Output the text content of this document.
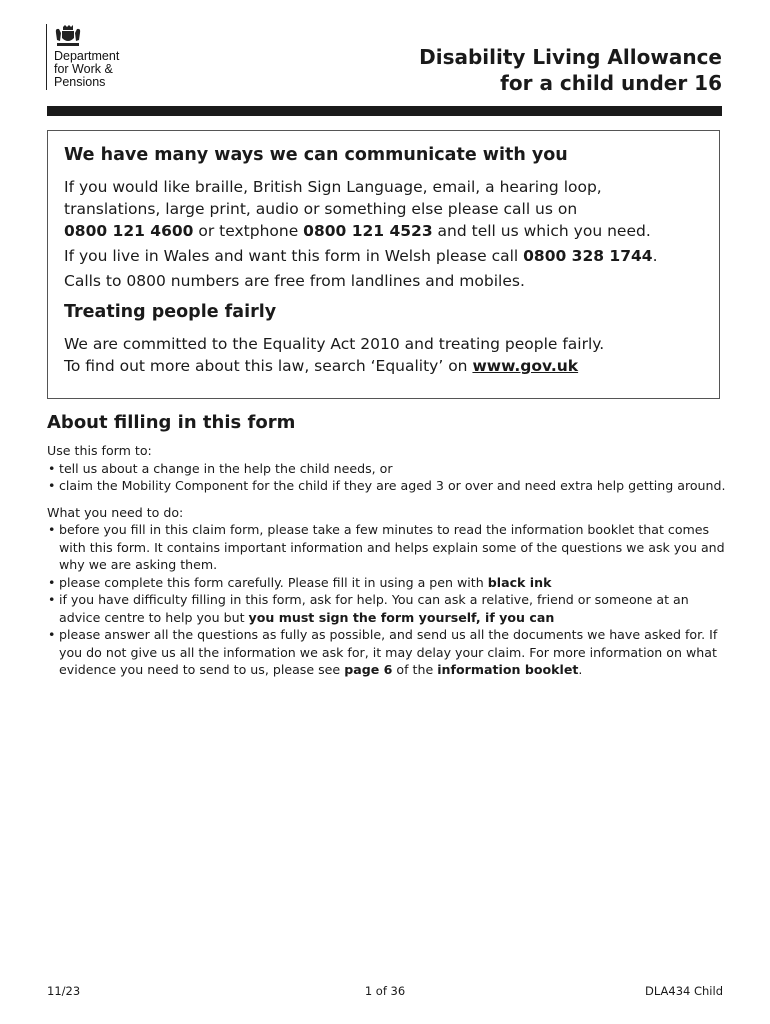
Department
for Work &
Pensions
Disability Living Allowance
for a child under 16
We have many ways we can communicate with you

If you would like braille, British Sign Language, email, a hearing loop,
translations, large print, audio or something else please call us on
0800 121 4600 or textphone 0800 121 4523 and tell us which you need.

If you live in Wales and want this form in Welsh please call 0800 328 1744.

Calls to 0800 numbers are free from landlines and mobiles.

Treating people fairly

We are committed to the Equality Act 2010 and treating people fairly.
To find out more about this law, search ‘Equality’ on www.gov.uk

About filling in this form

Use this form to:

• tell us about a change in the help the child needs, or
• claim the Mobility Component for the child if they are aged 3 or over and need extra help getting around.

What you need to do:

• before you fill in this claim form, please take a few minutes to read the information booklet that comes with this form. It contains important information and helps explain some of the questions we ask you and why we are asking them.
• please complete this form carefully. Please fill it in using a pen with black ink
• if you have difficulty filling in this form, ask for help. You can ask a relative, friend or someone at an advice centre to help you but you must sign the form yourself, if you can
• please answer all the questions as fully as possible, and send us all the documents we have asked for. If you do not give us all the information we ask for, it may delay your claim. For more information on what evidence you need to send to us, please see page 6 of the information booklet.
11/23	1 of 36	DLA434 Child
